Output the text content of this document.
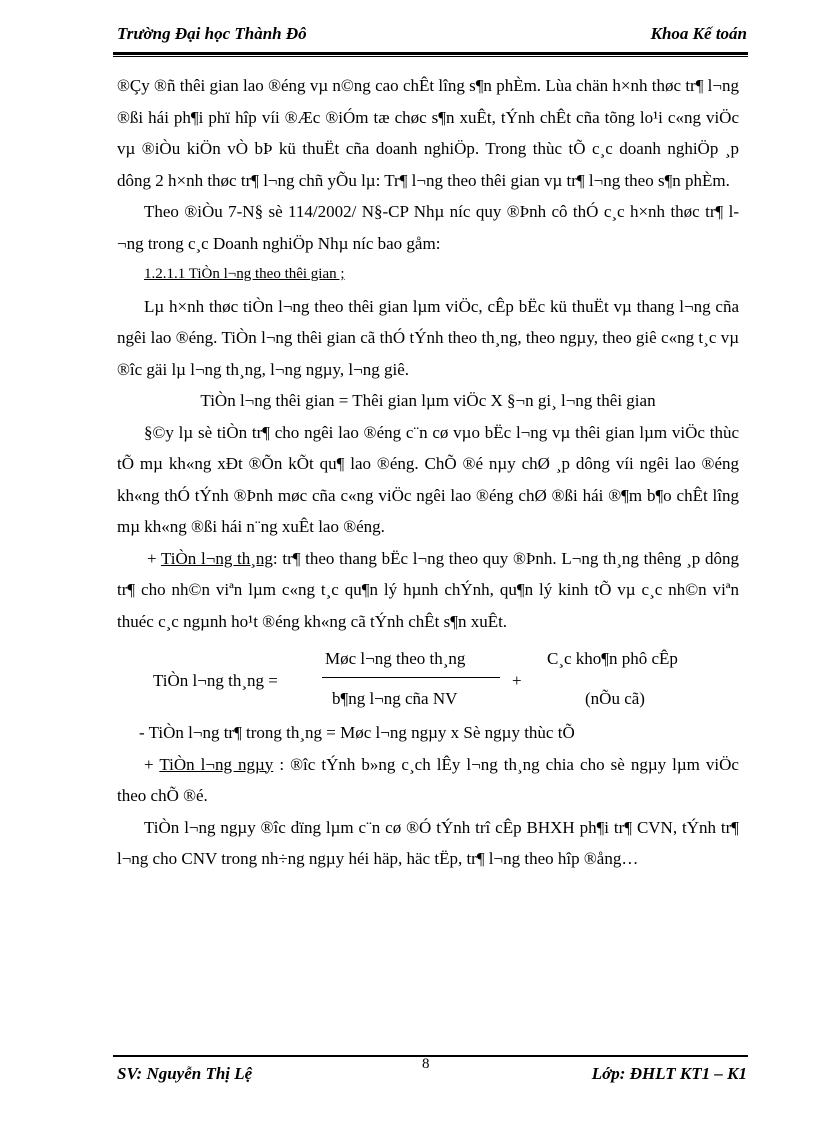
Trường Đại học Thành Đô	Khoa Kế toán

®Çy ®ñ thêi gian lao ®éng vµ n©ng cao chÊt lîng s¶n phÈm. Lùa chän h×nh thøc tr¶ l¬ng ®ßi hái ph¶i phï hîp víi ®Æc ®iÓm tæ chøc s¶n xuÊt, tÝnh chÊt cña tõng lo¹i c«ng viÖc vµ ®iÒu kiÖn vÒ bÞ kü thuËt cña doanh nghiÖp. Trong thùc tÕ c¸c doanh nghiÖp ¸p dông 2 h×nh thøc tr¶ l¬ng chñ yÕu lµ: Tr¶ l¬ng theo thêi gian vµ tr¶ l¬ng theo s¶n phÈm.

Theo ®iÒu 7-N§ sè 114/2002/ N§-CP Nhµ níc quy ®Þnh cô thÓ c¸c h×nh thøc tr¶ l¬ng trong c¸c Doanh nghiÖp Nhµ níc bao gåm:

1.2.1.1 TiÒn l¬ng theo thêi gian ;

Lµ h×nh thøc tiÒn l¬ng theo thêi gian lµm viÖc, cÊp bËc kü thuËt vµ thang l¬ng cña ngêi lao ®éng. TiÒn l¬ng thêi gian cã thÓ tÝnh theo th¸ng, theo ngµy, theo giê c«ng t¸c vµ ®îc gäi lµ l¬ng th¸ng, l¬ng ngµy, l¬ng giê.

TiÒn l¬ng thêi gian = Thêi gian lµm viÖc X §¬n gi¸ l¬ng thêi gian

§©y lµ sè tiÒn tr¶ cho ngêi lao ®éng c¨n cø vµo bËc l¬ng vµ thêi gian lµm viÖc thùc tÕ mµ kh«ng xÐt ®Õn kÕt qu¶ lao ®éng. ChÕ ®é nµy chØ ¸p dông víi ngêi lao ®éng kh«ng thÓ tÝnh ®Þnh møc cña c«ng viÖc ngêi lao ®éng chØ ®ßi hái ®¶m b¶o chÊt lîng mµ kh«ng ®ßi hái n¨ng xuÊt lao ®éng.

+ TiÒn l¬ng th¸ng: tr¶ theo thang bËc l¬ng theo quy ®Þnh. L¬ng th¸ng thêng ¸p dông tr¶ cho nh©n viªn lµm c«ng t¸c qu¶n lý hµnh chÝnh, qu¶n lý kinh tÕ vµ c¸c nh©n viªn thuéc c¸c ngµnh ho¹t ®éng kh«ng cã tÝnh chÊt s¶n xuÊt.

TiÒn l¬ng th¸ng =
Møc l¬ng theo th¸ng
b¶ng l¬ng cña NV
+
C¸c kho¶n phô cÊp
(nÕu cã)

- TiÒn l¬ng tr¶ trong th¸ng = Møc l¬ng ngµy x Sè ngµy thùc tÕ

+ TiÒn l¬ng ngµy : ®îc tÝnh b»ng c¸ch lÊy l¬ng th¸ng chia cho sè ngµy lµm viÖc theo chÕ ®é.

TiÒn l¬ng ngµy ®îc dïng lµm c¨n cø ®Ó tÝnh trî cÊp BHXH ph¶i tr¶ CVN, tÝnh tr¶ l¬ng cho CNV trong nh÷ng ngµy héi häp, häc tËp, tr¶ l¬ng theo hîp ®ång…

SV: Nguyễn Thị Lệ	8	Lớp: ĐHLT KT1 – K1
